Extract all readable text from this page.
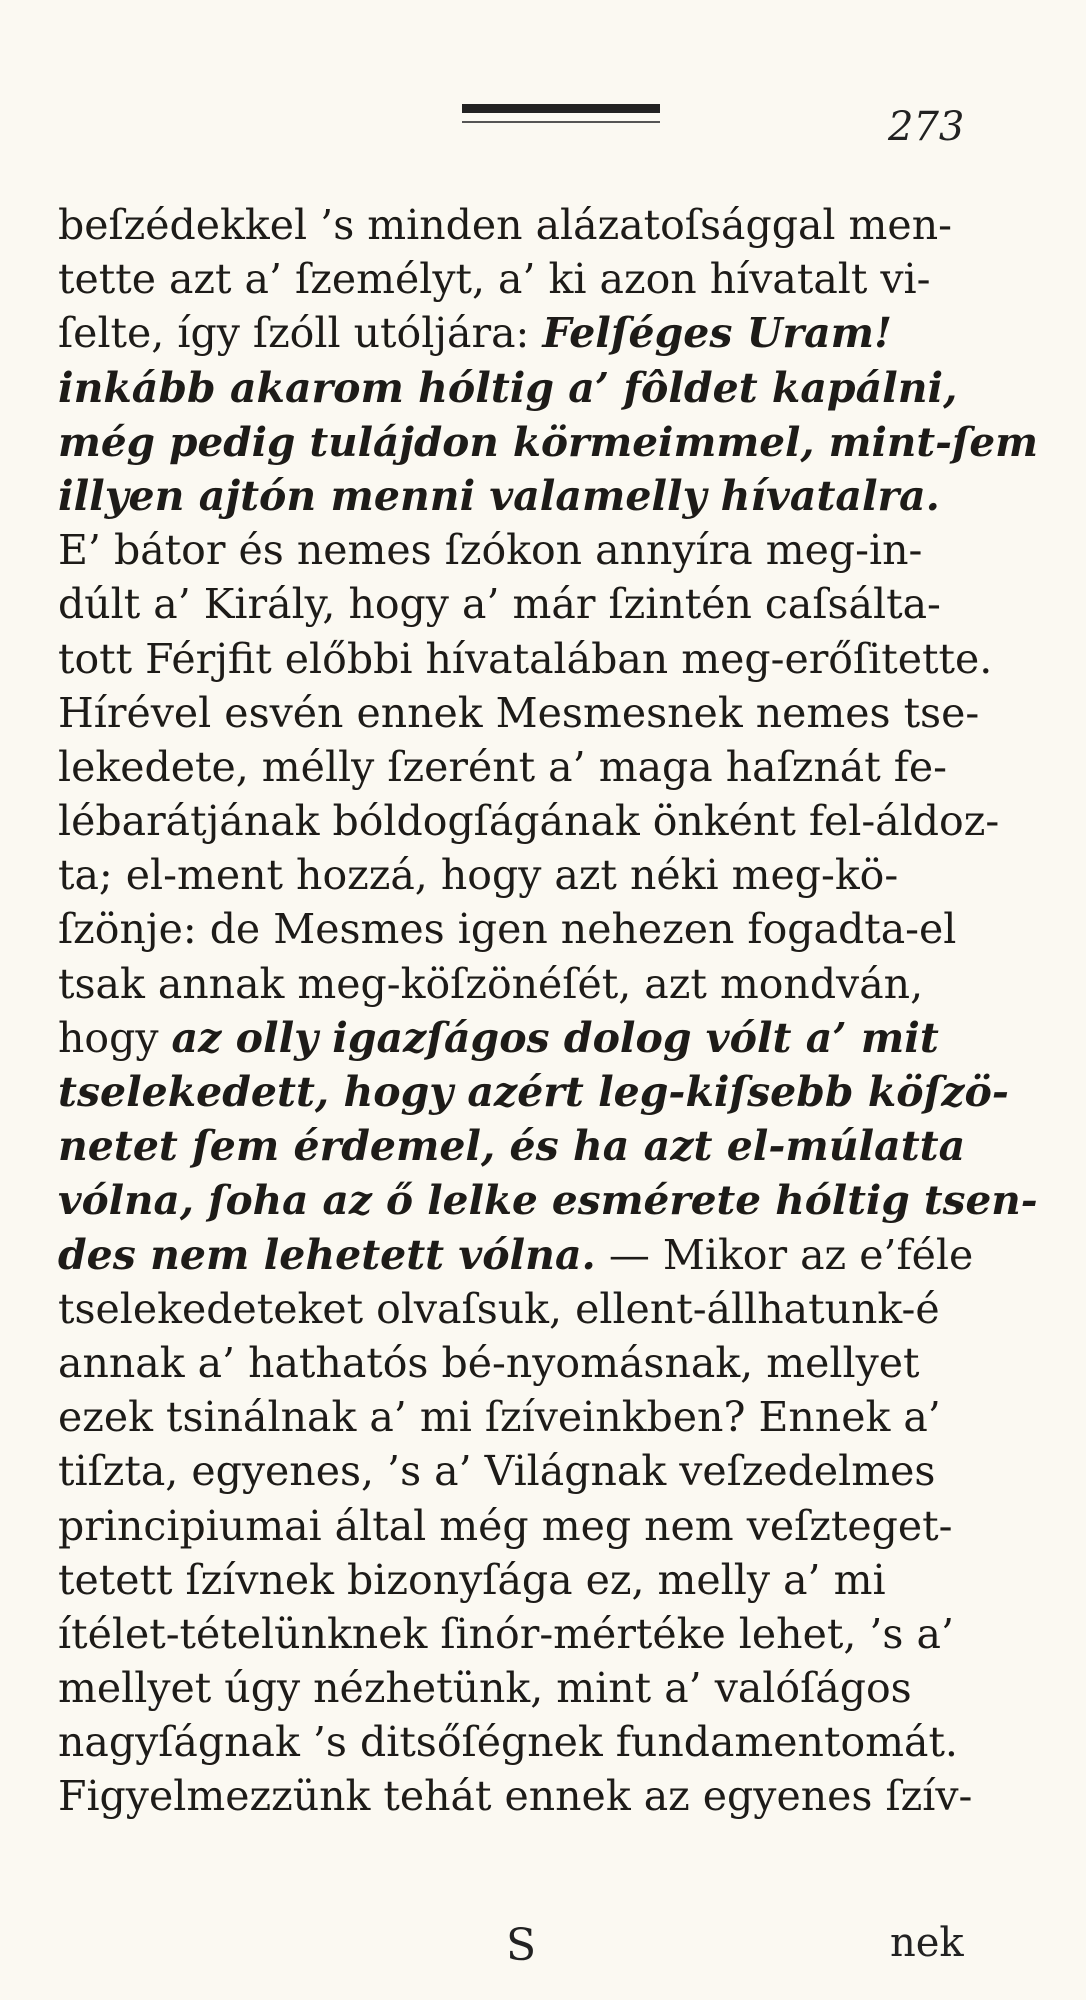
273
beſzédekkel ’s minden alázatoſsággal men-
tette azt a’ ſzemélyt, a’ ki azon hívatalt vi-
ſelte, így ſzóll utóljára: Felſéges Uram!
inkább akarom hóltig a’ fôldet kapálni,
még pedig tulájdon körmeimmel, mint-ſem
illyen ajtón menni valamelly hívatalra.
E’ bátor és nemes ſzókon annyíra meg-in-
dúlt a’ Király, hogy a’ már ſzintén caſsálta-
tott Férjfit előbbi hívatalában meg-erőſitette.
Hírével esvén ennek Mesmesnek nemes tse-
lekedete, mélly ſzerént a’ maga haſznát fe-
lébarátjának bóldogſágának önként fel-áldoz-
ta; el-ment hozzá, hogy azt néki meg-kö-
ſzönje: de Mesmes igen nehezen fogadta-el
tsak annak meg-köſzönéſét, azt mondván,
hogy az olly igazſágos dolog vólt a’ mit
tselekedett, hogy azért leg-kiſsebb köſzö-
netet ſem érdemel, és ha azt el-múlatta
vólna, ſoha az ő lelke esmérete hóltig tsen-
des nem lehetett vólna. — Mikor az e’féle
tselekedeteket olvaſsuk, ellent-állhatunk-é
annak a’ hathatós bé-nyomásnak, mellyet
ezek tsinálnak a’ mi ſzíveinkben? Ennek a’
tiſzta, egyenes, ’s a’ Világnak veſzedelmes
principiumai által még meg nem veſzteget-
tetett ſzívnek bizonyſága ez, melly a’ mi
ítélet-tételünknek ſinór-mértéke lehet, ’s a’
mellyet úgy nézhetünk, mint a’ valóſágos
nagyſágnak ’s ditsőſégnek fundamentomát.
Figyelmezzünk tehát ennek az egyenes ſzív-
S	nek
